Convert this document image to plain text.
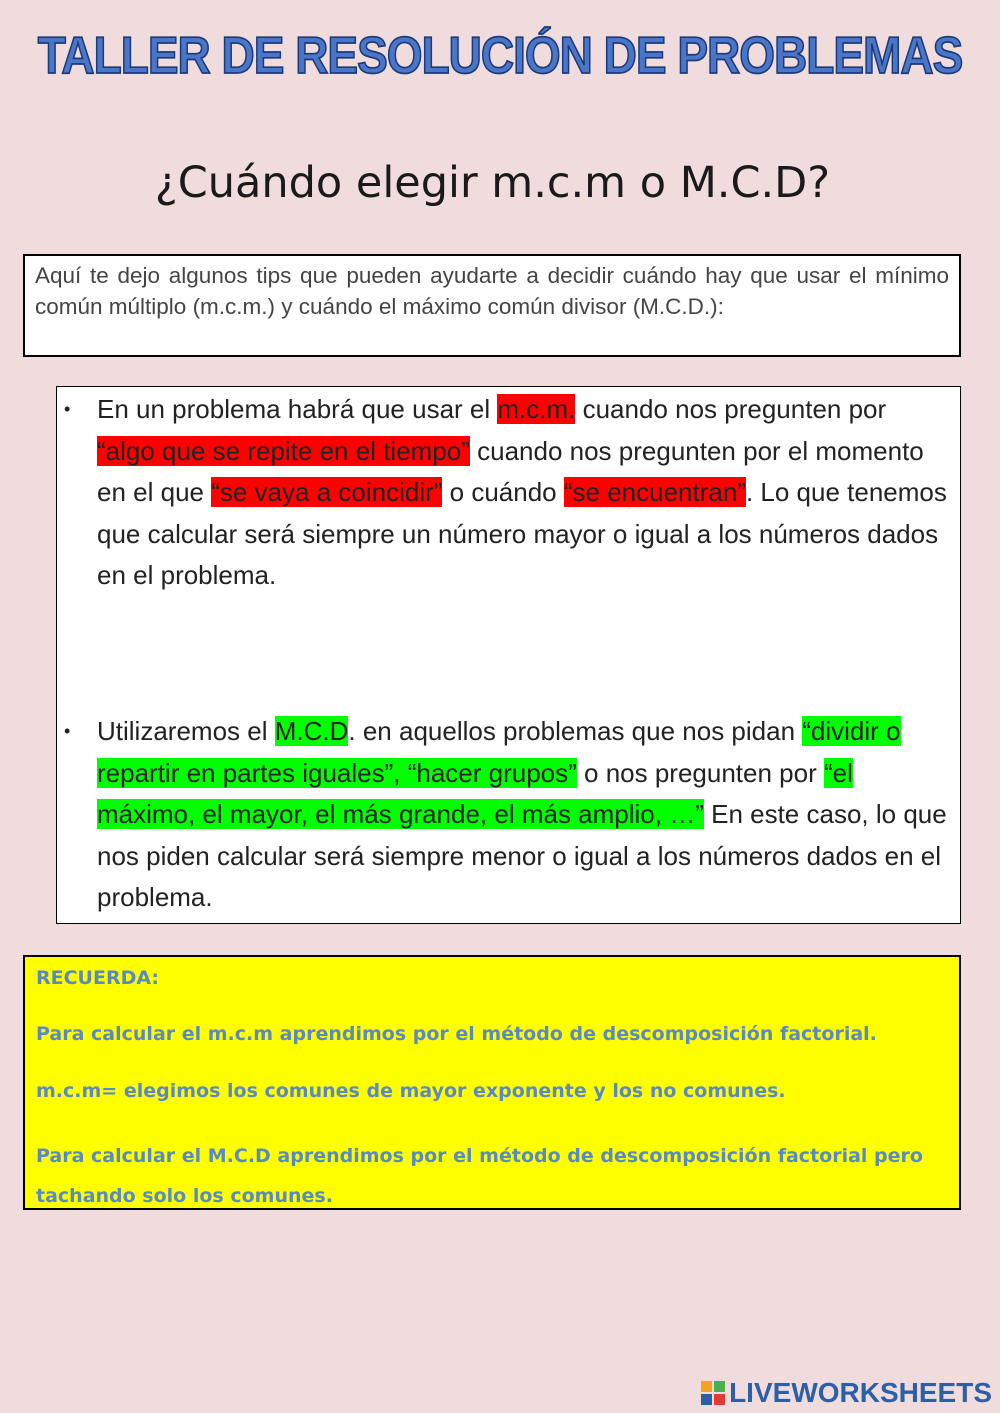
TALLER DE RESOLUCIÓN DE PROBLEMAS
¿Cuándo elegir m.c.m o M.C.D?

Aquí te dejo algunos tips que pueden ayudarte a decidir cuándo hay que usar el mínimo común múltiplo (m.c.m.) y cuándo el máximo común divisor (M.C.D.):

• En un problema habrá que usar el m.c.m. cuando nos pregunten por “algo que se repite en el tiempo” cuando nos pregunten por el momento en el que “se vaya a coincidir” o cuándo “se encuentran”. Lo que tenemos que calcular será siempre un número mayor o igual a los números dados en el problema.
• Utilizaremos el M.C.D. en aquellos problemas que nos pidan “dividir o repartir en partes iguales”, “hacer grupos” o nos pregunten por “el máximo, el mayor, el más grande, el más amplio, …” En este caso, lo que nos piden calcular será siempre menor o igual a los números dados en el problema.
RECUERDA:
Para calcular el m.c.m aprendimos por el método de descomposición factorial.
m.c.m= elegimos los comunes de mayor exponente y los no comunes.
Para calcular el M.C.D aprendimos por el método de descomposición factorial pero tachando solo los comunes.
LIVEWORKSHEETS
